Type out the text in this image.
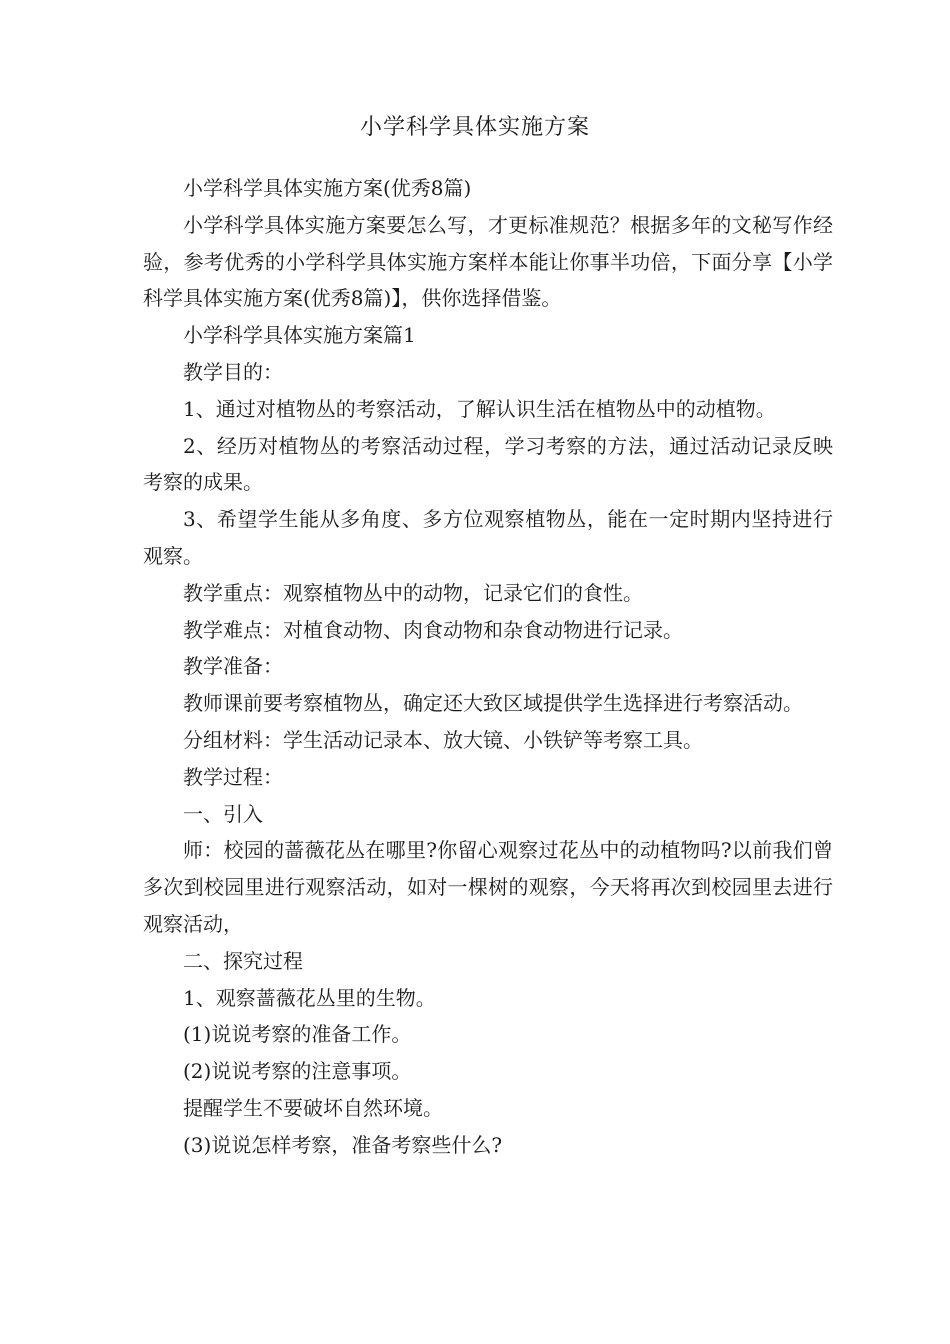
小学科学具体实施方案

小学科学具体实施方案(优秀8篇)

小学科学具体实施方案要怎么写，才更标准规范？根据多年的文秘写作经验，参考优秀的小学科学具体实施方案样本能让你事半功倍，下面分享【小学科学具体实施方案(优秀8篇)】，供你选择借鉴。

小学科学具体实施方案篇1

教学目的：

1、通过对植物丛的考察活动，了解认识生活在植物丛中的动植物。

2、经历对植物丛的考察活动过程，学习考察的方法，通过活动记录反映考察的成果。

3、希望学生能从多角度、多方位观察植物丛，能在一定时期内坚持进行观察。

教学重点：观察植物丛中的动物，记录它们的食性。

教学难点：对植食动物、肉食动物和杂食动物进行记录。

教学准备：

教师课前要考察植物丛，确定还大致区域提供学生选择进行考察活动。

分组材料：学生活动记录本、放大镜、小铁铲等考察工具。

教学过程：

一、引入

师：校园的蔷薇花丛在哪里?你留心观察过花丛中的动植物吗?以前我们曾多次到校园里进行观察活动，如对一棵树的观察，今天将再次到校园里去进行观察活动，

二、探究过程

1、观察蔷薇花丛里的生物。

(1)说说考察的准备工作。

(2)说说考察的注意事项。

提醒学生不要破坏自然环境。

(3)说说怎样考察，准备考察些什么?
